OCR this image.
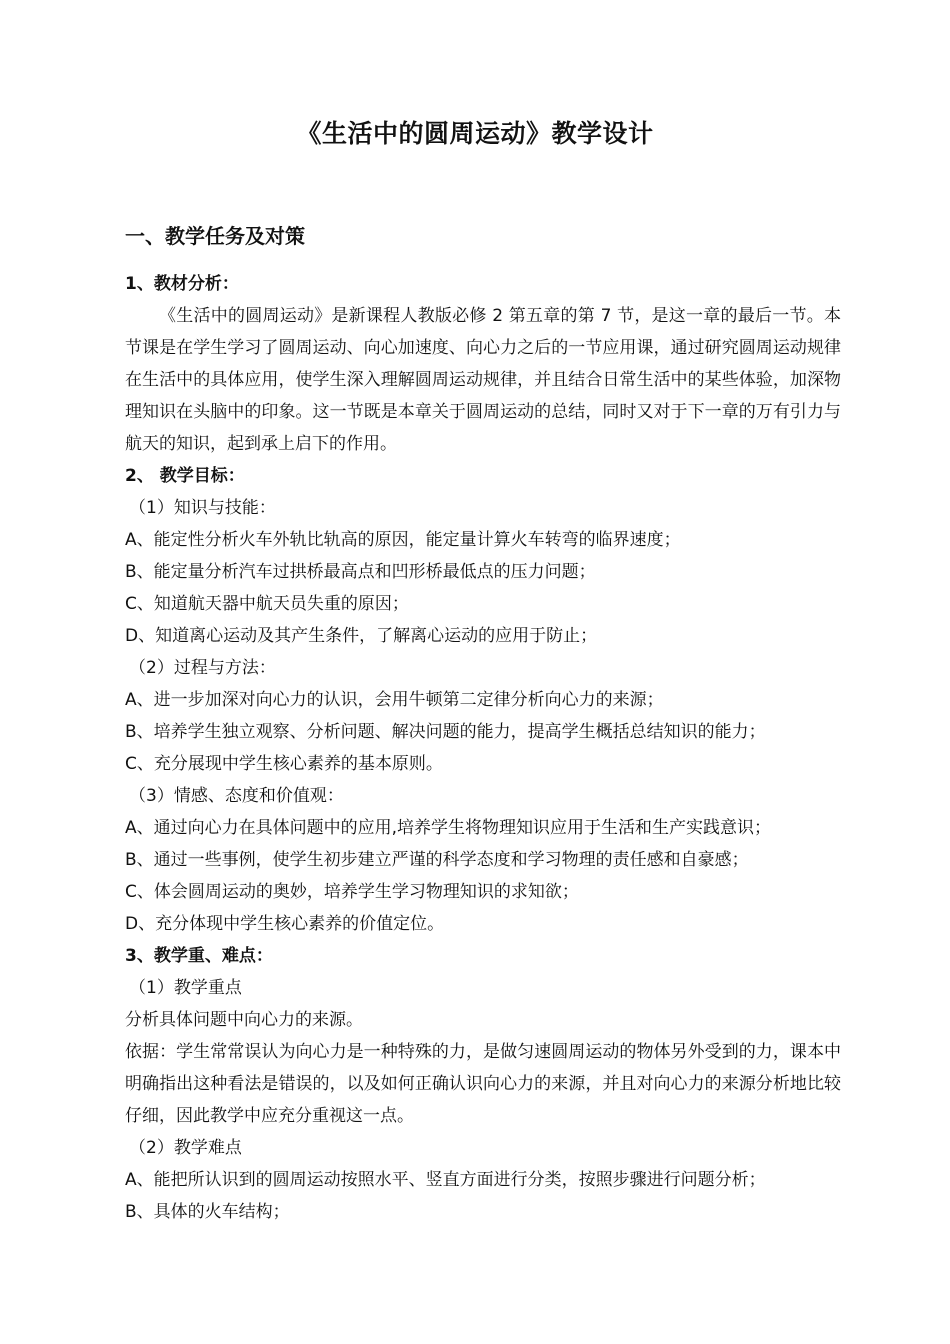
《生活中的圆周运动》教学设计
一、教学任务及对策
1、教材分析：

《生活中的圆周运动》是新课程人教版必修 2 第五章的第 7 节，是这一章的最后一节。本节课是在学生学习了圆周运动、向心加速度、向心力之后的一节应用课，通过研究圆周运动规律在生活中的具体应用，使学生深入理解圆周运动规律，并且结合日常生活中的某些体验，加深物理知识在头脑中的印象。这一节既是本章关于圆周运动的总结，同时又对于下一章的万有引力与航天的知识，起到承上启下的作用。

2、 教学目标：
（1）知识与技能：
A、能定性分析火车外轨比轨高的原因，能定量计算火车转弯的临界速度；
B、能定量分析汽车过拱桥最高点和凹形桥最低点的压力问题；
C、知道航天器中航天员失重的原因；
D、知道离心运动及其产生条件，了解离心运动的应用于防止；
（2）过程与方法：
A、进一步加深对向心力的认识，会用牛顿第二定律分析向心力的来源；
B、培养学生独立观察、分析问题、解决问题的能力，提高学生概括总结知识的能力；
C、充分展现中学生核心素养的基本原则。
（3）情感、态度和价值观：
A、通过向心力在具体问题中的应用,培养学生将物理知识应用于生活和生产实践意识；
B、通过一些事例，使学生初步建立严谨的科学态度和学习物理的责任感和自豪感；
C、体会圆周运动的奥妙，培养学生学习物理知识的求知欲；
D、充分体现中学生核心素养的价值定位。
3、教学重、难点：
（1）教学重点
分析具体问题中向心力的来源。

依据：学生常常误认为向心力是一种特殊的力，是做匀速圆周运动的物体另外受到的力，课本中明确指出这种看法是错误的，以及如何正确认识向心力的来源，并且对向心力的来源分析地比较仔细，因此教学中应充分重视这一点。

（2）教学难点
A、能把所认识到的圆周运动按照水平、竖直方面进行分类，按照步骤进行问题分析；
B、具体的火车结构；
